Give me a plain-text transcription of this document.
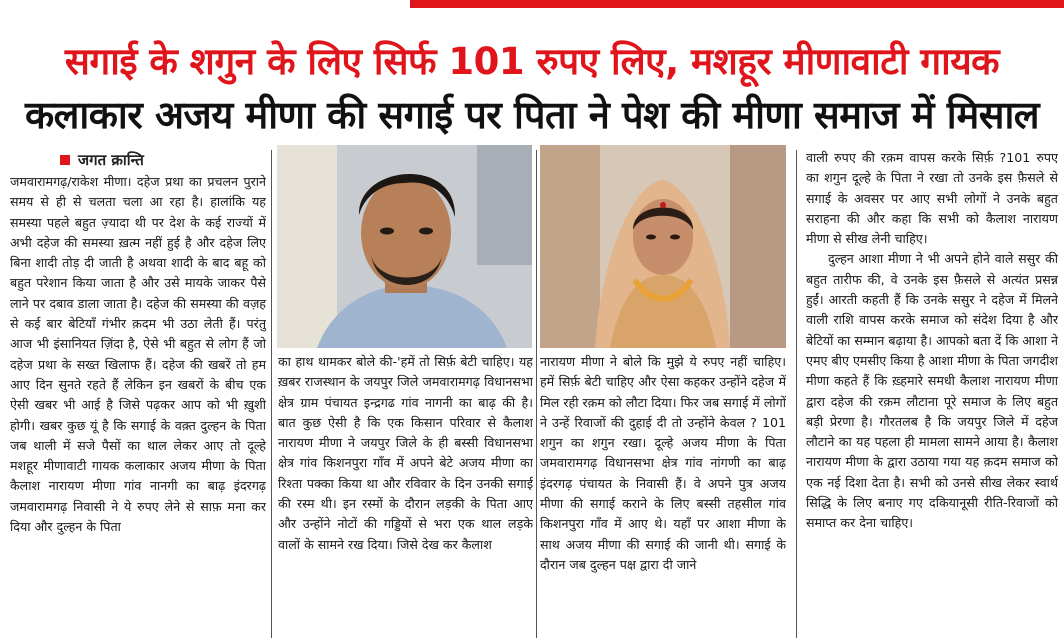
सगाई के शगुन के लिए सिर्फ 101 रुपए लिए, मशहूर मीणावाटी गायक
कलाकार अजय मीणा की सगाई पर पिता ने पेश की मीणा समाज में मिसाल
जगत क्रान्ति

जमवारामगढ़/राकेश मीणा। दहेज प्रथा का प्रचलन पुराने समय से ही से चलता चला आ रहा है। हालांकि यह समस्या पहले बहुत ज़्यादा थी पर देश के कई राज्यों में अभी दहेज की समस्या ख़त्म नहीं हुई है और दहेज लिए बिना शादी तोड़ दी जाती है अथवा शादी के बाद बहू को बहुत परेशान किया जाता है और उसे मायके जाकर पैसे लाने पर दबाव डाला जाता है। दहेज की समस्या की वज़ह से कई बार बेटियाँ गंभीर क़दम भी उठा लेती हैं। परंतु आज भी इंसानियत ज़िंदा है, ऐसे भी बहुत से लोग हैं जो दहेज प्रथा के सख्त खिलाफ हैं। दहेज की खबरें तो हम आए दिन सुनते रहते हैं लेकिन इन खबरों के बीच एक ऐसी खबर भी आई है जिसे पढ़कर आप को भी ख़ुशी होगी। खबर कुछ यूं है कि सगाई के वक़्त दुल्हन के पिता जब थाली में सजे पैसों का थाल लेकर आए तो दूल्हे मशहूर मीणावाटी गायक कलाकार अजय मीणा के पिता कैलाश नारायण मीणा गांव नानगी का बाढ़ इंदरगढ़ जमवारामगढ़ निवासी ने ये रुपए लेने से साफ़ मना कर दिया और दुल्हन के पिता

का हाथ थामकर बोले की-'हमें तो सिर्फ़ बेटी चाहिए। यह ख़बर राजस्थान के जयपुर जिले जमवारामगढ़ विधानसभा क्षेत्र ग्राम पंचायत इन्द्रगढ गांव नागनी का बाढ़ की है। बात कुछ ऐसी है कि एक किसान परिवार से कैलाश नारायण मीणा ने जयपुर जिले के ही बस्सी विधानसभा क्षेत्र गांव किशनपुरा गाँव में अपने बेटे अजय मीणा का रिश्ता पक्का किया था और रविवार के दिन उनकी सगाई की रस्म थी। इन रस्मों के दौरान लड़की के पिता आए और उन्होंने नोटों की गड्डियों से भरा एक थाल लड़के वालों के सामने रख दिया। जिसे देख कर कैलाश

नारायण मीणा ने बोले कि मुझे ये रुपए नहीं चाहिए। हमें सिर्फ़ बेटी चाहिए और ऐसा कहकर उन्होंने दहेज में मिल रही रक़म को लौटा दिया। फिर जब सगाई में लोगों ने उन्हें रिवाजों की दुहाई दी तो उन्होंने केवल ? 101 शगुन का शगुन रखा। दूल्हे अजय मीणा के पिता जमवारामगढ़ विधानसभा क्षेत्र गांव नांगणी का बाढ़ इंदरगढ़ पंचायत के निवासी हैं। वे अपने पुत्र अजय मीणा की सगाई कराने के लिए बस्सी तहसील गांव किशनपुरा गाँव में आए थे। यहाँ पर आशा मीणा के साथ अजय मीणा की सगाई की जानी थी। सगाई के दौरान जब दुल्हन पक्ष द्वारा दी जाने

वाली रुपए की रक़म वापस करके सिर्फ़ ?101 रुपए का शगुन दूल्हे के पिता ने रखा तो उनके इस फ़ैसले से सगाई के अवसर पर आए सभी लोगों ने उनके बहुत सराहना की और कहा कि सभी को कैलाश नारायण मीणा से सीख लेनी चाहिए।

दुल्हन आशा मीणा ने भी अपने होने वाले ससुर की बहुत तारीफ की, वे उनके इस फ़ैसले से अत्यंत प्रसन्न हुईं। आरती कहती हैं कि उनके ससुर ने दहेज में मिलने वाली राशि वापस करके समाज को संदेश दिया है और बेटियों का सम्मान बढ़ाया है। आपको बता दें कि आशा ने एमए बीए एमसीए किया है आशा मीणा के पिता जगदीश मीणा कहते हैं कि ख़्हमारे समधी कैलाश नारायण मीणा द्वारा दहेज की रक़म लौटाना पूरे समाज के लिए बहुत बड़ी प्रेरणा है। गौरतलब है कि जयपुर जिले में दहेज लौटाने का यह पहला ही मामला सामने आया है। कैलाश नारायण मीणा के द्वारा उठाया गया यह क़दम समाज को एक नई दिशा देता है। सभी को उनसे सीख लेकर स्वार्थ सिद्धि के लिए बनाए गए दकियानूसी रीति-रिवाजों को समाप्त कर देना चाहिए।
